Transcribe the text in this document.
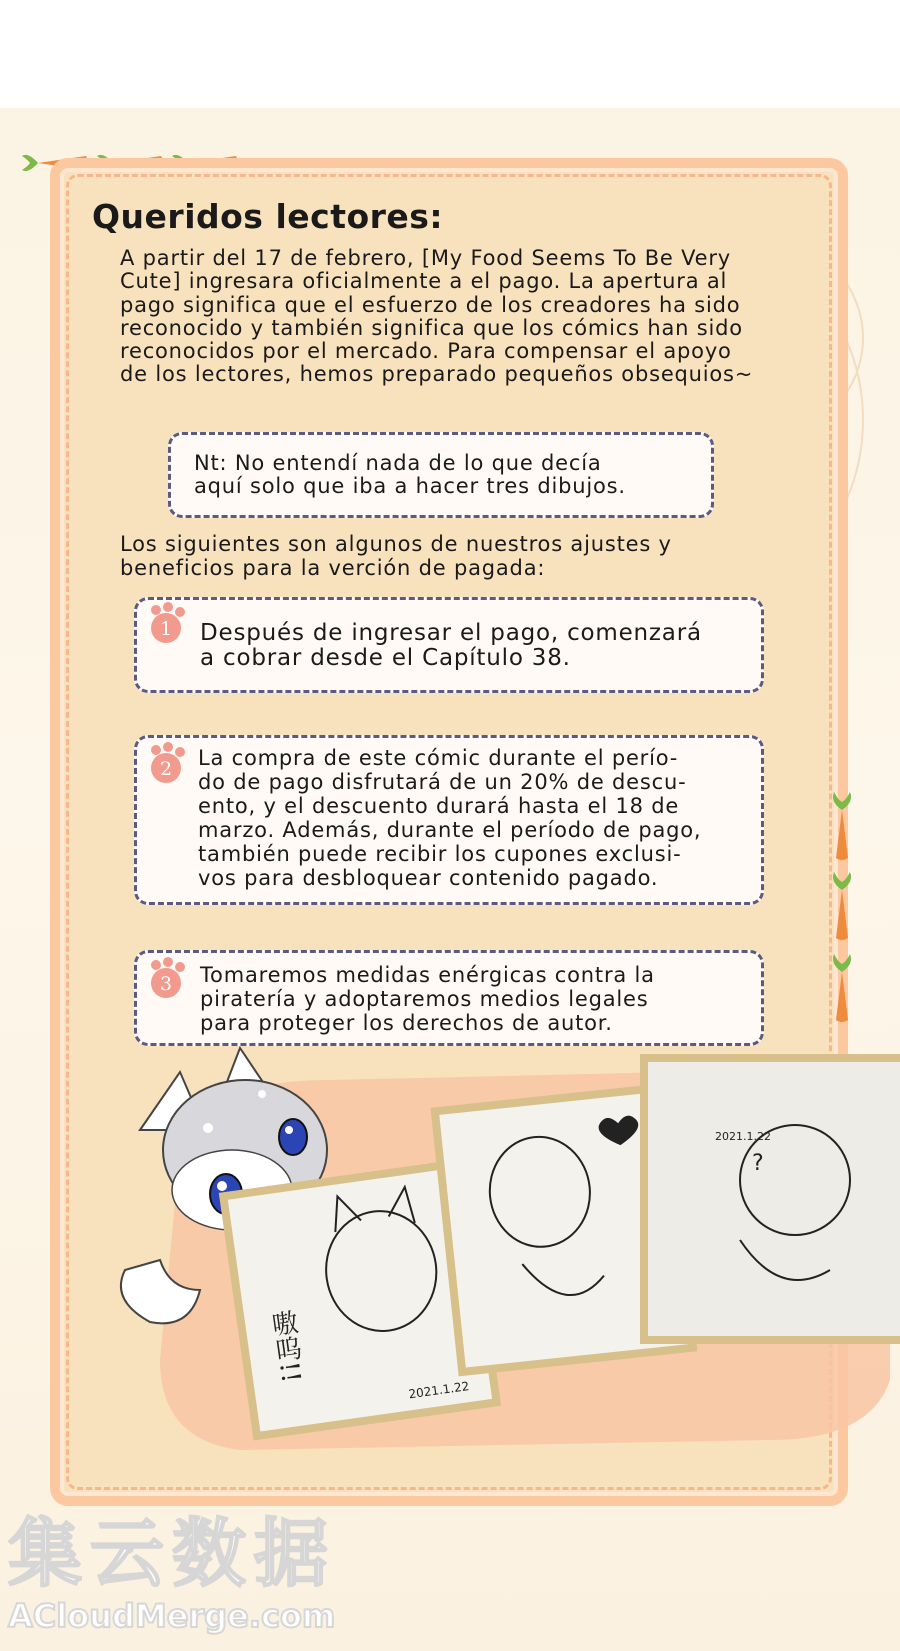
Queridos lectores:

A partir del 17 de febrero, [My Food Seems To Be Very
Cute] ingresara oficialmente a el pago. La apertura al
pago significa que el esfuerzo de los creadores ha sido
reconocido y también significa que los cómics han sido
reconocidos por el mercado. Para compensar el apoyo
de los lectores, hemos preparado pequeños obsequios~

Nt: No entendí nada de lo que decía
aquí solo que iba a hacer tres dibujos.

Los siguientes son algunos de nuestros ajustes y
beneficios para la verción de pagada:

1 Después de ingresar el pago, comenzará
a cobrar desde el Capítulo 38.

2 La compra de este cómic durante el perío-
do de pago disfrutará de un 20% de descu-
ento, y el descuento durará hasta el 18 de
marzo. Además, durante el período de pago,
también puede recibir los cupones exclusi-
vos para desbloquear contenido pagado.

3 Tomaremos medidas enérgicas contra la
piratería y adoptaremos medios legales
para proteger los derechos de autor.

嗷呜!!
2021.1.22
?
2021.1.22
集云数据
ACloudMerge.com
